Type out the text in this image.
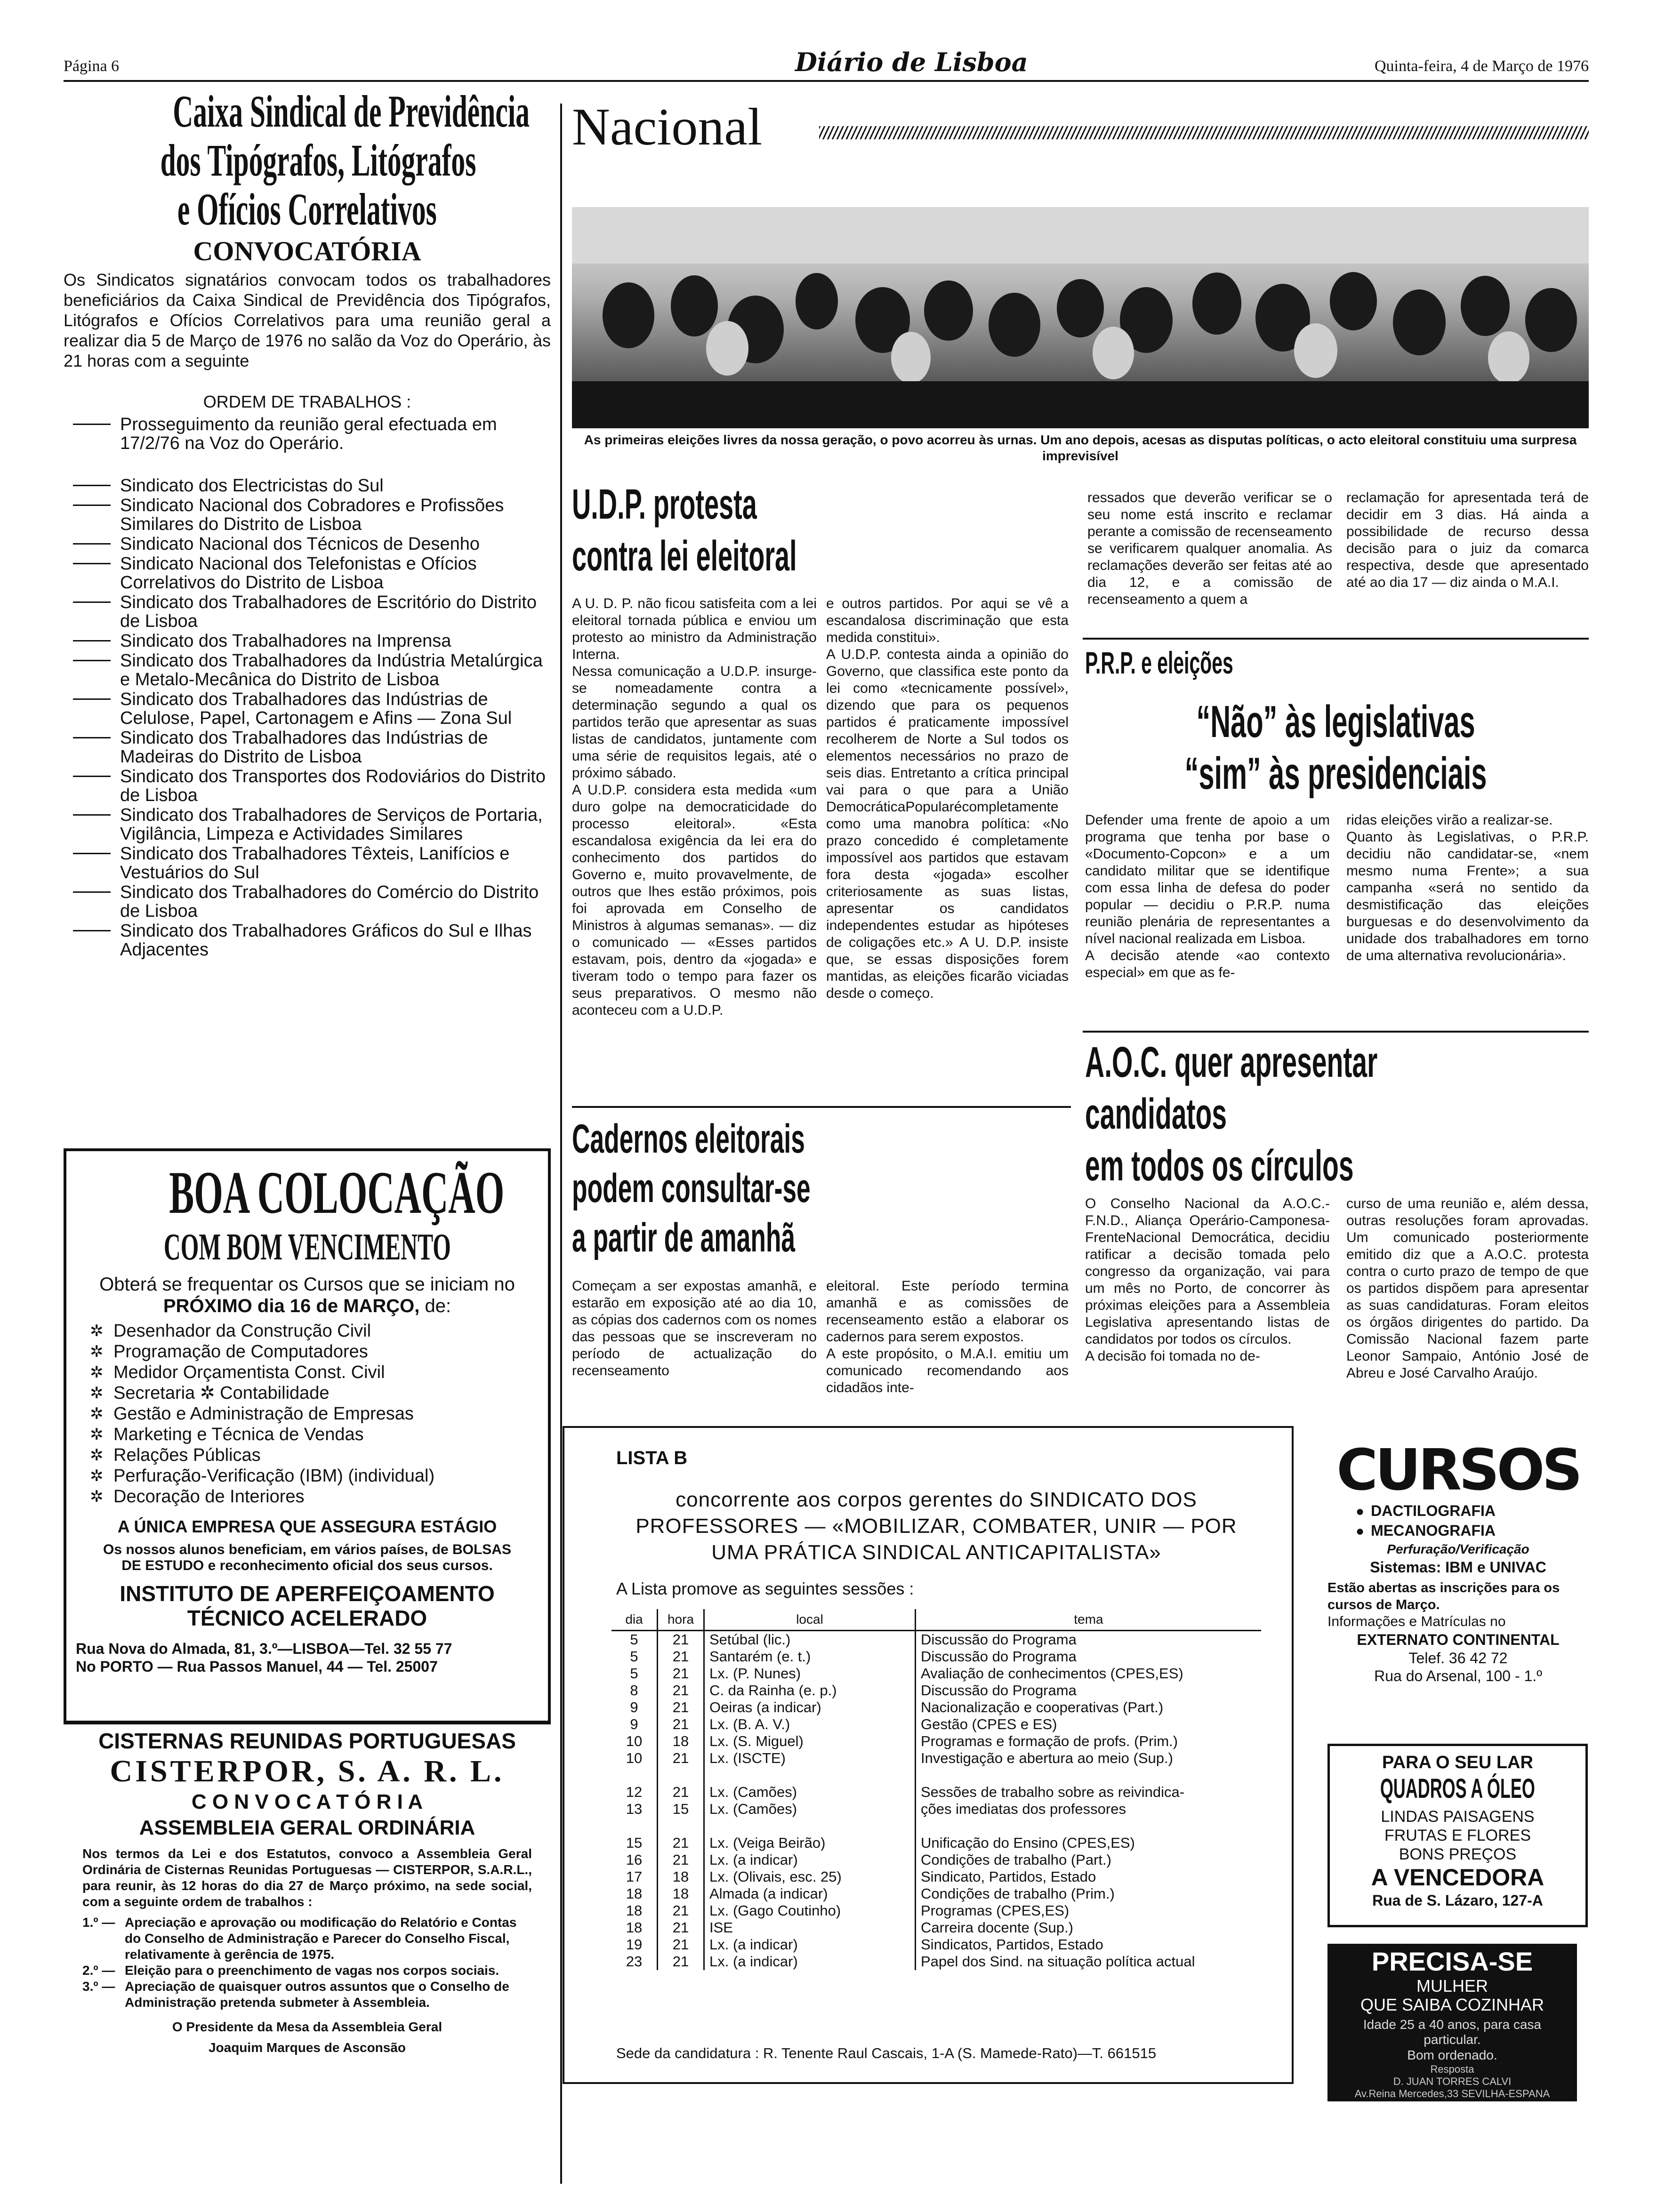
Página 6	Diário de Lisboa	Quinta-feira, 4 de Março de 1976
Caixa Sindical de Previdência
dos Tipógrafos, Litógrafos
e Ofícios Correlativos
CONVOCATÓRIA
Os Sindicatos signatários convocam todos os trabalhadores beneficiários da Caixa Sindical de Previdência dos Tipógrafos, Litógrafos e Ofícios Correlativos para uma reunião geral a realizar dia 5 de Março de 1976 no salão da Voz do Operário, às 21 horas com a seguinte
ORDEM DE TRABALHOS :
Prosseguimento da reunião geral efectuada em 17/2/76 na Voz do Operário.
Sindicato dos Electricistas do Sul
Sindicato Nacional dos Cobradores e Profissões Similares do Distrito de Lisboa
Sindicato Nacional dos Técnicos de Desenho
Sindicato Nacional dos Telefonistas e Ofícios Correlativos do Distrito de Lisboa
Sindicato dos Trabalhadores de Escritório do Distrito de Lisboa
Sindicato dos Trabalhadores na Imprensa
Sindicato dos Trabalhadores da Indústria Metalúrgica e Metalo-Mecânica do Distrito de Lisboa
Sindicato dos Trabalhadores das Indústrias de Celulose, Papel, Cartonagem e Afins — Zona Sul
Sindicato dos Trabalhadores das Indústrias de Madeiras do Distrito de Lisboa
Sindicato dos Transportes dos Rodoviários do Distrito de Lisboa
Sindicato dos Trabalhadores de Serviços de Portaria, Vigilância, Limpeza e Actividades Similares
Sindicato dos Trabalhadores Têxteis, Lanifícios e Vestuários do Sul
Sindicato dos Trabalhadores do Comércio do Distrito de Lisboa
Sindicato dos Trabalhadores Gráficos do Sul e Ilhas Adjacentes
BOA COLOCAÇÃO
COM BOM VENCIMENTO
Obterá se frequentar os Cursos que se iniciam no PRÓXIMO dia 16 de MARÇO, de:
✲ Desenhador da Construção Civil
✲ Programação de Computadores
✲ Medidor Orçamentista Const. Civil
✲ Secretaria ✲ Contabilidade
✲ Gestão e Administração de Empresas
✲ Marketing e Técnica de Vendas
✲ Relações Públicas
✲ Perfuração-Verificação (IBM) (individual)
✲ Decoração de Interiores
A ÚNICA EMPRESA QUE ASSEGURA ESTÁGIO
Os nossos alunos beneficiam, em vários países, de BOLSAS DE ESTUDO e reconhecimento oficial dos seus cursos.
INSTITUTO DE APERFEIÇOAMENTO
TÉCNICO ACELERADO
Rua Nova do Almada, 81, 3.º—LISBOA—Tel. 32 55 77
No PORTO — Rua Passos Manuel, 44 — Tel. 25007
CISTERNAS REUNIDAS PORTUGUESAS
CISTERPOR, S. A. R. L.
C O N V O C A T Ó R I A
ASSEMBLEIA GERAL ORDINÁRIA
Nos termos da Lei e dos Estatutos, convoco a Assembleia Geral Ordinária de Cisternas Reunidas Portuguesas — CISTERPOR, S.A.R.L., para reunir, às 12 horas do dia 27 de Março próximo, na sede social, com a seguinte ordem de trabalhos :
1.º — Apreciação e aprovação ou modificação do Relatório e Contas do Conselho de Administração e Parecer do Conselho Fiscal, relativamente à gerência de 1975.
2.º — Eleição para o preenchimento de vagas nos corpos sociais.
3.º — Apreciação de quaisquer outros assuntos que o Conselho de Administração pretenda submeter à Assembleia.
O Presidente da Mesa da Assembleia Geral
Joaquim Marques de Asconsão
Nacional
As primeiras eleições livres da nossa geração, o povo acorreu às urnas. Um ano depois, acesas as disputas políticas, o acto eleitoral constituiu uma surpresa imprevisível
U.D.P. protesta
contra lei eleitoral
A U. D. P. não ficou satisfeita com a lei eleitoral tornada pública e enviou um protesto ao ministro da Administração Interna.
Nessa comunicação a U.D.P. insurge-se nomeadamente contra a determinação segundo a qual os partidos terão que apresentar as suas listas de candidatos, juntamente com uma série de requisitos legais, até o próximo sábado.
A U.D.P. considera esta medida «um duro golpe na democraticidade do processo eleitoral». «Esta escandalosa exigência da lei era do conhecimento dos partidos do Governo e, muito provavelmente, de outros que lhes estão próximos, pois foi aprovada em Conselho de Ministros à algumas semanas». — diz o comunicado — «Esses partidos estavam, pois, dentro da «jogada» e tiveram todo o tempo para fazer os seus preparativos. O mesmo não aconteceu com a U.D.P.
e outros partidos. Por aqui se vê a escandalosa discriminação que esta medida constitui».
A U.D.P. contesta ainda a opinião do Governo, que classifica este ponto da lei como «tecnicamente possível», dizendo que para os pequenos partidos é praticamente impossível recolherem de Norte a Sul todos os elementos necessários no prazo de seis dias. Entretanto a crítica principal vai para o que para a União DemocráticaPopularécompletamente como uma manobra política: «No prazo concedido é completamente impossível aos partidos que estavam fora desta «jogada» escolher criteriosamente as suas listas, apresentar os candidatos independentes estudar as hipóteses de coligações etc.» A U. D.P. insiste que, se essas disposições forem mantidas, as eleições ficarão viciadas desde o começo.
ressados que deverão verificar se o seu nome está inscrito e reclamar perante a comissão de recenseamento se verificarem qualquer anomalia. As reclamações deverão ser feitas até ao dia 12, e a comissão de recenseamento a quem a
reclamação for apresentada terá de decidir em 3 dias. Há ainda a possibilidade de recurso dessa decisão para o juiz da comarca respectiva, desde que apresentado até ao dia 17 — diz ainda o M.A.I.
P.R.P. e eleições
“Não” às legislativas
“sim” às presidenciais
Defender uma frente de apoio a um programa que tenha por base o «Documento-Copcon» e a um candidato militar que se identifique com essa linha de defesa do poder popular — decidiu o P.R.P. numa reunião plenária de representantes a nível nacional realizada em Lisboa.
A decisão atende «ao contexto especial» em que as fe-
ridas eleições virão a realizar-se.
Quanto às Legislativas, o P.R.P. decidiu não candidatar-se, «nem mesmo numa Frente»; a sua campanha «será no sentido da desmistificação das eleições burguesas e do desenvolvimento da unidade dos trabalhadores em torno de uma alternativa revolucionária».
Cadernos eleitorais
podem consultar-se
a partir de amanhã
Começam a ser expostas amanhã, e estarão em exposição até ao dia 10, as cópias dos cadernos com os nomes das pessoas que se inscreveram no período de actualização do recenseamento
eleitoral. Este período termina amanhã e as comissões de recenseamento estão a elaborar os cadernos para serem expostos.
A este propósito, o M.A.I. emitiu um comunicado recomendando aos cidadãos inte-
A.O.C. quer apresentar
candidatos
em todos os círculos
O Conselho Nacional da A.O.C.-F.N.D., Aliança Operário-Camponesa-FrenteNacional Democrática, decidiu ratificar a decisão tomada pelo congresso da organização, vai para um mês no Porto, de concorrer às próximas eleições para a Assembleia Legislativa apresentando listas de candidatos por todos os círculos.
A decisão foi tomada no de-
curso de uma reunião e, além dessa, outras resoluções foram aprovadas. Um comunicado posteriormente emitido diz que a A.O.C. protesta contra o curto prazo de tempo de que os partidos dispõem para apresentar as suas candidaturas. Foram eleitos os órgãos dirigentes do partido. Da Comissão Nacional fazem parte Leonor Sampaio, António José de Abreu e José Carvalho Araújo.
LISTA B
concorrente aos corpos gerentes do SINDICATO DOS PROFESSORES — «MOBILIZAR, COMBATER, UNIR — POR UMA PRÁTICA SINDICAL ANTICAPITALISTA»
A Lista promove as seguintes sessões :
dia	hora	local	tema
5	21	Setúbal (lic.)	Discussão do Programa
5	21	Santarém (e. t.)	Discussão do Programa
5	21	Lx. (P. Nunes)	Avaliação de conhecimentos (CPES,ES)
8	21	C. da Rainha (e. p.)	Discussão do Programa
9	21	Oeiras (a indicar)	Nacionalização e cooperativas (Part.)
9	21	Lx. (B. A. V.)	Gestão (CPES e ES)
10	18	Lx. (S. Miguel)	Programas e formação de profs. (Prim.)
10	21	Lx. (ISCTE)	Investigação e abertura ao meio (Sup.)

12	21	Lx. (Camões)	Sessões de trabalho sobre as reivindica-
13	15	Lx. (Camões)	ções imediatas dos professores

15	21	Lx. (Veiga Beirão)	Unificação do Ensino (CPES,ES)
16	21	Lx. (a indicar)	Condições de trabalho (Part.)
17	18	Lx. (Olivais, esc. 25)	Sindicato, Partidos, Estado
18	18	Almada (a indicar)	Condições de trabalho (Prim.)
18	21	Lx. (Gago Coutinho)	Programas (CPES,ES)
18	21	ISE	Carreira docente (Sup.)
19	21	Lx. (a indicar)	Sindicatos, Partidos, Estado
23	21	Lx. (a indicar)	Papel dos Sind. na situação política actual
Sede da candidatura : R. Tenente Raul Cascais, 1-A (S. Mamede-Rato)—T. 661515
CURSOS
● DACTILOGRAFIA
● MECANOGRAFIA
Perfuração/Verificação
Sistemas: IBM e UNIVAC
Estão abertas as inscrições para os cursos de Março.
Informações e Matrículas no
EXTERNATO CONTINENTAL
Telef. 36 42 72
Rua do Arsenal, 100 - 1.º
PARA O SEU LAR
QUADROS A ÓLEO
LINDAS PAISAGENS
FRUTAS E FLORES
BONS PREÇOS
A VENCEDORA
Rua de S. Lázaro, 127-A
PRECISA-SE
MULHER
QUE SAIBA COZINHAR
Idade 25 a 40 anos, para casa particular.
Bom ordenado.
Resposta
D. JUAN TORRES CALVI
Av.Reina Mercedes,33 SEVILHA-ESPANA
